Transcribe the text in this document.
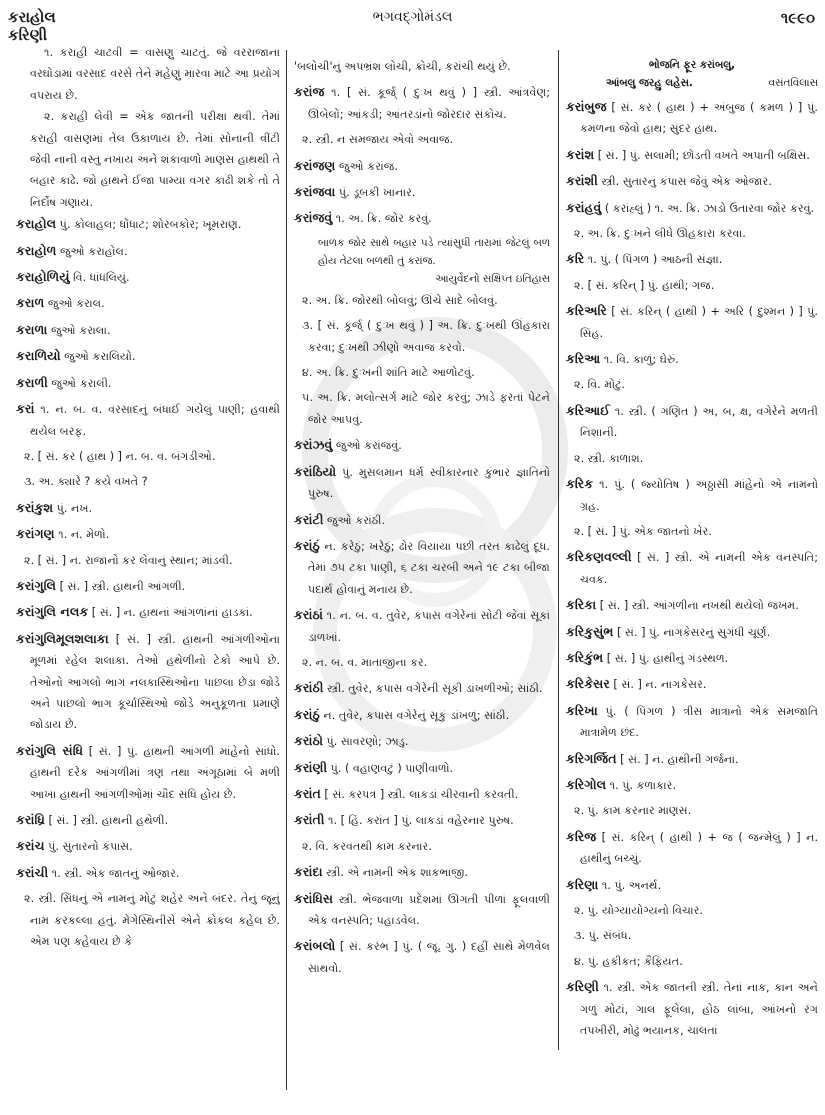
કરાહોલ
કરિણી
ભગવદ્ગોમંડલ	૧૯૯૦
૧. કરાહી ચાટવી = વાસણુ ચાટતું. જે વરરાજાના વરઘોડામાં વરસાદ વરસે તેને મહેણું મારવા માટે આ પ્રયોગ વપરાય છે.
૨. કરાહી લેવી = એક જાતની પરીક્ષા થવી. તેમાં કરાહી વાસણમાં તેલ ઉકાળાય છે. તેમાં સોનાની વીંટી જેવી નાની વસ્તુ નખાય અને શંકાવાળો માણસ હાથથી તે બહાર કાઢે. જો હાથને ઈજા પામ્યા વગર કાઢી શકે તો તે નિર્દોષ ગણાય.
કરાહોલ પું. કોલાહલ; ધોંધાટ; શોરબકોર; ખૂમરાણ.
કરાહોળ જુઓ કરાહોલ.
કરાહોળિયું વિ. ધાંધલિયું.
કરાળ જુઓ કરાલ.
કરાળા જુઓ કરાલા.
કરાળિયો જુઓ કરાલિયો.
કરાળી જુઓ કરાલી.
કરાં ૧. ન. બ. વ. વરસાદનું બંધાઈ ગયેલું પાણી; હવાથી થયેલ બરફ.
૨. [ સં. કર ( હાથ ) ] ન. બ. વ. બંગડીઓ.
૩. અ. ક્યારે ? કયે વખતે ?
કરાંકુશ પું. નખ.
કરાંગણ ૧. ન. મેળો.
૨. [ સં. ] ન. રાજાનો કર લેવાનું સ્થાન; માંડવી.
કરાંગુલિ [ સં. ] સ્ત્રી. હાથની આંગળી.
કરાંગુલિ નલક [ સં. ] ન. હાથનાં આંગળાંનાં હાડકાં.
કરાંગુલિમૂલશલાકા [ સં. ] સ્ત્રી. હાથની આંગળીઓના મૂળમાં રહેલ શલાકા. તેઓ હથેળીનો ટેકો આપે છે. તેઓનો આગલો ભાગ નલકાસ્થિઓના પાછલા છેડા જોડે અને પાછલો ભાગ કૂર્ચાસ્થિઓ જોડે અનુકૂળતા પ્રમાણે જોડાય છે.
કરાંગુલિ સંધિ [ સં. ] પું. હાથની આંગળી માંહેનો સાંધો. હાથની દરેક આંગળીમાં ત્રણ તથા અંગૂઠામાં બે મળી આખા હાથની આંગળીઓમાં ચૌદ સંધિ હોય છે.
કરાંધ્રિ [ સં. ] સ્ત્રી. હાથની હથેળી.
કરાંચ પું. સુતારનો કંપાસ.
કરાંચી ૧. સ્ત્રી. એક જાતનું ઓજાર.
૨. સ્ત્રી. સિંધનું એ નામનું મોટું શહેર અને બંદર. તેનું જૂનું નામ કરકલ્લા હતું. મેગેસ્થિનીસે એને ક્રોકલ કહેલ છે. એમ પણ કહેવાય છે કે
'બલોચી'નું અપભ્રંશ લોચી, ક્રોચી, કરાંચી થયું છે.
કરાંજ ૧. [ સં. કૂર્જ્ ( દુઃખ થવું ) ] સ્ત્રી. આંત્રવેણ; ઊંબેલો; આંકડી; આંતરડાંનો જોરદાર સંકોચ.
૨. સ્ત્રી. ન સમજાય એવો અવાજ.
કરાંજણ જુઓ કરાંજ.
કરાંજવા પું. ડૂબકી ખાનાર.
કરાંજવું ૧. અ. ક્રિ. જોર કરવું.
બાળક જોર સાથે બહાર પડે ત્યાંસુધી તારામાં જેટલું બળ હોય તેટલા બળથી તું કરાંજ.
આયુર્વેદનો સંક્ષિપ્ત ઇતિહાસ
૨. અ. ક્રિ. જોરથી બોલવું; ઊંચે સાદે બોલવું.
૩. [ સં. કૂર્જ્ ( દુઃખ થવું ) ] અ. ક્રિ. દુઃખથી ઊંહકારા કરવા; દુઃખથી ઝીણો અવાજ કરવો.
૪. અ. ક્રિ. દુઃખની શાંતિ માટે આળોટવું.
૫. અ. ક્રિ. મલોત્સર્ગ માટે જોર કરવું; ઝાડે ફરતાં પેટને જોર આપવું.
કરાંઝવું જુઓ કરાંજવું.
કરાંઠિયો પું. મુસલમાન ધર્મ સ્વીકારનાર કુંભાર જ્ઞાતિનો પુરુષ.
કરાંટી જુઓ કરાંઠી.
કરાંઠું ન. કરેઠું; ખરેઠું; ઢોર વિયાયા પછી તરત કાઢેલું દૂધ. તેમાં ૭૫ ટકા પાણી, ૬ ટકા ચરબી અને ૧૯ ટકા બીજા પદાર્થ હોવાનું મનાય છે.
કરાંઠાં ૧. ન. બ. વ. તુવેર, કપાસ વગેરેનાં સોટી જેવાં સૂકાં ડાળખાં.
૨. ન. બ. વ. માતાજીના કર.
કરાંઠી સ્ત્રી. તુવેર, કપાસ વગેરેની સૂકી ડાંખળીઓ; સાંઠી.
કરાંઠું ન. તુવેર, કપાસ વગેરેનું સૂકું ડાંખળું; સાંઠી.
કરાંઠો પું. સાવરણો; ઝાડુ.
કરાંણી પું. ( વહાણવટું ) પાણીવાળો.
કરાંત [ સં. કરપત્ર ] સ્ત્રી. લાકડાં ચીરવાની કરવતી.
કરાંતી ૧. [ હિં. કરાંત ] પું. લાકડાં વહેરનાર પુરુષ.
૨. વિ. કરવતથી કામ કરનાર.
કરાંદા સ્ત્રી. એ નામની એક શાકભાજી.
કરાંધિસ સ્ત્રી. ભેજવાળા પ્રદેશમાં ઊગતી પીળાં ફૂલવાળી એક વનસ્પતિ; પહાડવેલ.
કરાંબલો [ સં. કરંભ ] પું. ( જૂ. ગુ. ) દહીં સાથે મેળવેલ સાથવો.
ભોજનિ ફૂર કરાંબલુ,
આંબલુ જરહુ લહેસ.	વસંતવિલાસ
કરાંબુજ [ સં. કર ( હાથ ) + અંબુજ ( કમળ ) ] પું. કમળના જેવો હાથ; સુંદર હાથ.
કરાંશ [ સં. ] પું. સલામી; છોડતી વખતે અપાતી બક્ષિસ.
કરાંશી સ્ત્રી. સુતારનું કંપાસ જેવું એક ઓજાર.
કરાંહવું ( કરાંહ્લું ) ૧. અ. ક્રિ. ઝાડો ઉતારવા જોર કરવું.
૨. અ. ક્રિ. દુઃખને લીધે ઊંહકારા કરવા.
કરિ ૧. પું. ( પિંગળ ) આઠની સંજ્ઞા.
૨. [ સં. કરિન્ ] પું. હાથી; ગજ.
કરિઅરિ [ સં. કરિન્ ( હાથી ) + અરિ ( દુશ્મન ) ] પું. સિંહ.
કરિઆ ૧. વિ. કાળું; ઘેરું.
૨. વિ. મોટું.
કરિઆઈ ૧. સ્ત્રી. ( ગણિત ) અ, બ, ક્ષ, વગેરેને મળતી નિશાની.
૨. સ્ત્રી. કાળાશ.
કરિક ૧. પું. ( જ્યોતિષ ) અઠ્ઠાસી માંહેનો એ નામનો ગ્રહ.
૨. [ સં. ] પું. એક જાતનો ખેર.
કરિકણવલ્લી [ સં. ] સ્ત્રી. એ નામની એક વનસ્પતિ; ચવક.
કરિકા [ સં. ] સ્ત્રી. આંગળીના નખથી થયેલો જખમ.
કરિકુસુંભ [ સં. ] પું. નાગકેસરનું સુગંધી ચૂર્ણ.
કરિકુંભ [ સં. ] પું. હાથીનું ગંડસ્થળ.
કરિકેસર [ સં. ] ન. નાગકેસર.
કરિખા પું. ( પિંગળ ) ત્રીસ માત્રાનો એક સમજાતિ માત્રામેળ છંદ.
કરિગર્જિત [ સં. ] ન. હાથીની ગર્જના.
કરિગોલ ૧. પું. કળાકાર.
૨. પું. કામ કરનાર માણસ.
કરિજ [ સં. કરિન્ ( હાથી ) + જ ( જન્મેલું ) ] ન. હાથીનું બચ્ચું.
કરિણા ૧. પું. અનર્થ.
૨. પું. યોગ્યાયોગ્યનો વિચાર.
૩. પું. સંબંધ.
૪. પું. હકીકત; કૈફિયત.
કરિણી ૧. સ્ત્રી. એક જાતની સ્ત્રી. તેનાં નાક, કાન અને ગળું મોટાં, ગાલ ફૂલેલા, હોઠ લાંબા, આંખનો રંગ તપખીરી, મોઢું ભયાનક, ચાલતાં
